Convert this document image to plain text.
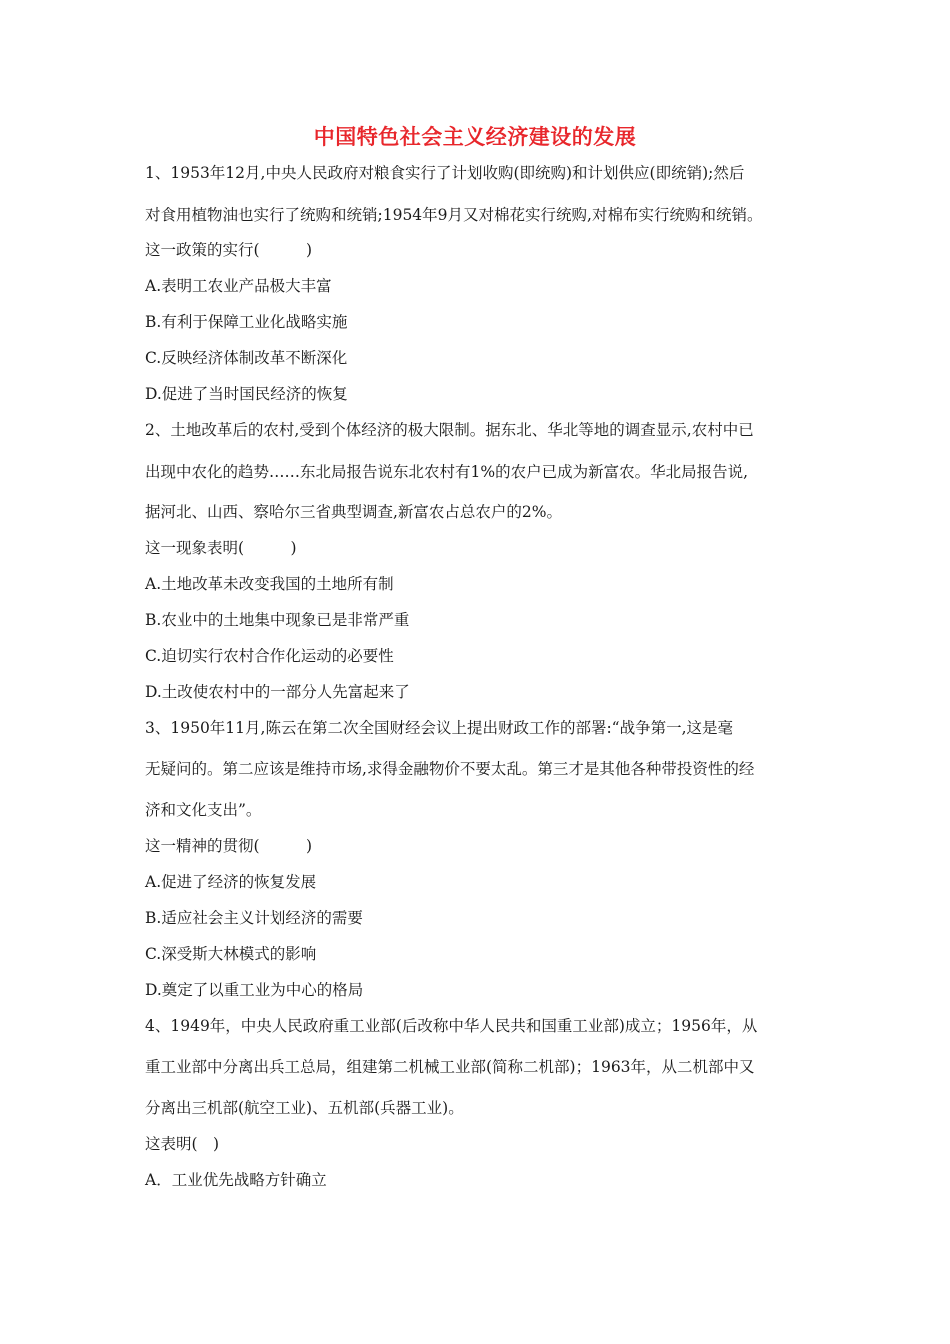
中国特色社会主义经济建设的发展
1、1953年12月,中央人民政府对粮食实行了计划收购(即统购)和计划供应(即统销);然后
对食用植物油也实行了统购和统销;1954年9月又对棉花实行统购,对棉布实行统购和统销。
这一政策的实行(　　　)
A.表明工农业产品极大丰富
B.有利于保障工业化战略实施
C.反映经济体制改革不断深化
D.促进了当时国民经济的恢复
2、土地改革后的农村,受到个体经济的极大限制。据东北、华北等地的调查显示,农村中已
出现中农化的趋势……东北局报告说东北农村有1%的农户已成为新富农。华北局报告说,
据河北、山西、察哈尔三省典型调查,新富农占总农户的2%。
这一现象表明(　　　)
A.土地改革未改变我国的土地所有制
B.农业中的土地集中现象已是非常严重
C.迫切实行农村合作化运动的必要性
D.土改使农村中的一部分人先富起来了
3、1950年11月,陈云在第二次全国财经会议上提出财政工作的部署:“战争第一,这是毫
无疑问的。第二应该是维持市场,求得金融物价不要太乱。第三才是其他各种带投资性的经
济和文化支出”。
这一精神的贯彻(　　　)
A.促进了经济的恢复发展
B.适应社会主义计划经济的需要
C.深受斯大林模式的影响
D.奠定了以重工业为中心的格局
4、1949年，中央人民政府重工业部(后改称中华人民共和国重工业部)成立；1956年，从
重工业部中分离出兵工总局，组建第二机械工业部(简称二机部)；1963年，从二机部中又
分离出三机部(航空工业)、五机部(兵器工业)。
这表明(　)
A．工业优先战略方针确立
